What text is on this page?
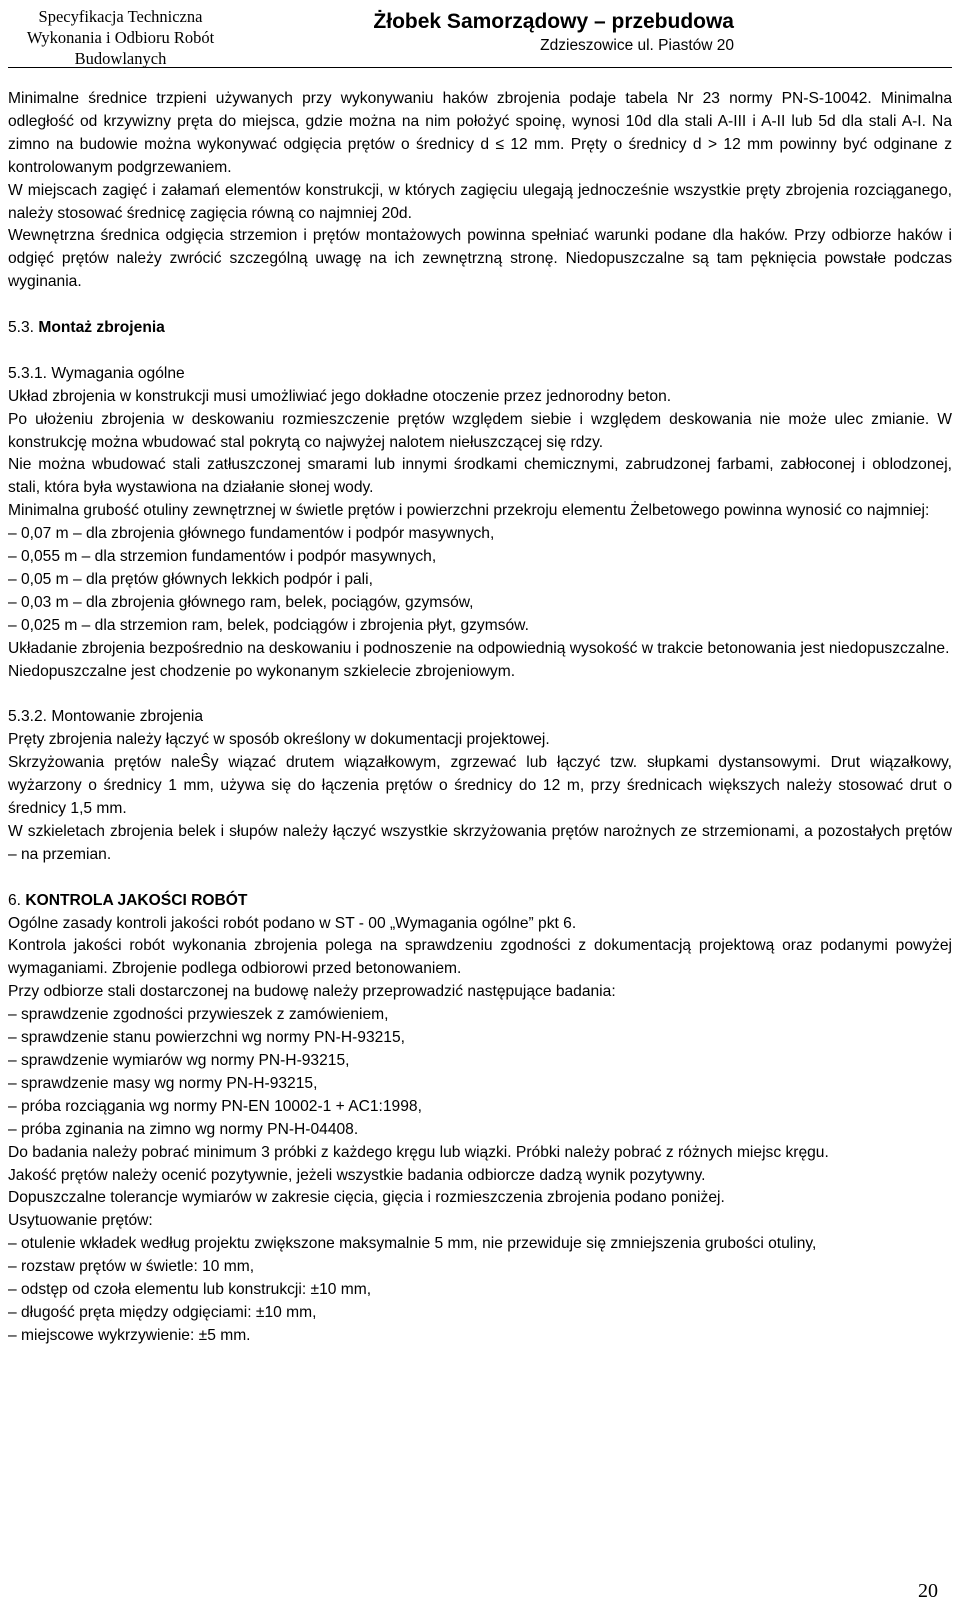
Specyfikacja Techniczna
Wykonania i Odbioru Robót
Budowlanych
Żłobek Samorządowy – przebudowa
Zdzieszowice ul. Piastów 20

Minimalne średnice trzpieni używanych przy wykonywaniu haków zbrojenia podaje tabela Nr 23 normy PN-S-10042. Minimalna odległość od krzywizny pręta do miejsca, gdzie można na nim położyć spoinę, wynosi 10d dla stali A-III i A-II lub 5d dla stali A-I. Na zimno na budowie można wykonywać odgięcia prętów o średnicy d ≤ 12 mm. Pręty o średnicy d > 12 mm powinny być odginane z kontrolowanym podgrzewaniem.

W miejscach zagięć i załamań elementów konstrukcji, w których zagięciu ulegają jednocześnie wszystkie pręty zbrojenia rozciąganego, należy stosować średnicę zagięcia równą co najmniej 20d.

Wewnętrzna średnica odgięcia strzemion i prętów montażowych powinna spełniać warunki podane dla haków. Przy odbiorze haków i odgięć prętów należy zwrócić szczególną uwagę na ich zewnętrzną stronę. Niedopuszczalne są tam pęknięcia powstałe podczas wyginania.

5.3. Montaż zbrojenia
5.3.1. Wymagania ogólne

Układ zbrojenia w konstrukcji musi umożliwiać jego dokładne otoczenie przez jednorodny beton.

Po ułożeniu zbrojenia w deskowaniu rozmieszczenie prętów względem siebie i względem deskowania nie może ulec zmianie. W konstrukcję można wbudować stal pokrytą co najwyżej nalotem niełuszczącej się rdzy.

Nie można wbudować stali zatłuszczonej smarami lub innymi środkami chemicznymi, zabrudzonej farbami, zabłoconej i oblodzonej, stali, która była wystawiona na działanie słonej wody.

Minimalna grubość otuliny zewnętrznej w świetle prętów i powierzchni przekroju elementu Żelbetowego powinna wynosić co najmniej:

– 0,07 m – dla zbrojenia głównego fundamentów i podpór masywnych,
– 0,055 m – dla strzemion fundamentów i podpór masywnych,
– 0,05 m – dla prętów głównych lekkich podpór i pali,
– 0,03 m – dla zbrojenia głównego ram, belek, pociągów, gzymsów,
– 0,025 m – dla strzemion ram, belek, podciągów i zbrojenia płyt, gzymsów.

Układanie zbrojenia bezpośrednio na deskowaniu i podnoszenie na odpowiednią wysokość w trakcie betonowania jest niedopuszczalne.

Niedopuszczalne jest chodzenie po wykonanym szkielecie zbrojeniowym.

5.3.2. Montowanie zbrojenia

Pręty zbrojenia należy łączyć w sposób określony w dokumentacji projektowej.

Skrzyżowania prętów naleŜy wiązać drutem wiązałkowym, zgrzewać lub łączyć tzw. słupkami dystansowymi. Drut wiązałkowy, wyżarzony o średnicy 1 mm, używa się do łączenia prętów o średnicy do 12 m, przy średnicach większych należy stosować drut o średnicy 1,5 mm.

W szkieletach zbrojenia belek i słupów należy łączyć wszystkie skrzyżowania prętów narożnych ze strzemionami, a pozostałych prętów – na przemian.

6. KONTROLA JAKOŚCI ROBÓT

Ogólne zasady kontroli jakości robót podano w ST - 00 „Wymagania ogólne” pkt 6.

Kontrola jakości robót wykonania zbrojenia polega na sprawdzeniu zgodności z dokumentacją projektową oraz podanymi powyżej wymaganiami. Zbrojenie podlega odbiorowi przed betonowaniem.

Przy odbiorze stali dostarczonej na budowę należy przeprowadzić następujące badania:

– sprawdzenie zgodności przywieszek z zamówieniem,
– sprawdzenie stanu powierzchni wg normy PN-H-93215,
– sprawdzenie wymiarów wg normy PN-H-93215,
– sprawdzenie masy wg normy PN-H-93215,
– próba rozciągania wg normy PN-EN 10002-1 + AC1:1998,
– próba zginania na zimno wg normy PN-H-04408.

Do badania należy pobrać minimum 3 próbki z każdego kręgu lub wiązki. Próbki należy pobrać z różnych miejsc kręgu.

Jakość prętów należy ocenić pozytywnie, jeżeli wszystkie badania odbiorcze dadzą wynik pozytywny.

Dopuszczalne tolerancje wymiarów w zakresie cięcia, gięcia i rozmieszczenia zbrojenia podano poniżej.

Usytuowanie prętów:

– otulenie wkładek według projektu zwiększone maksymalnie 5 mm, nie przewiduje się zmniejszenia grubości otuliny,
– rozstaw prętów w świetle: 10 mm,
– odstęp od czoła elementu lub konstrukcji: ±10 mm,
– długość pręta między odgięciami: ±10 mm,
– miejscowe wykrzywienie: ±5 mm.
20
